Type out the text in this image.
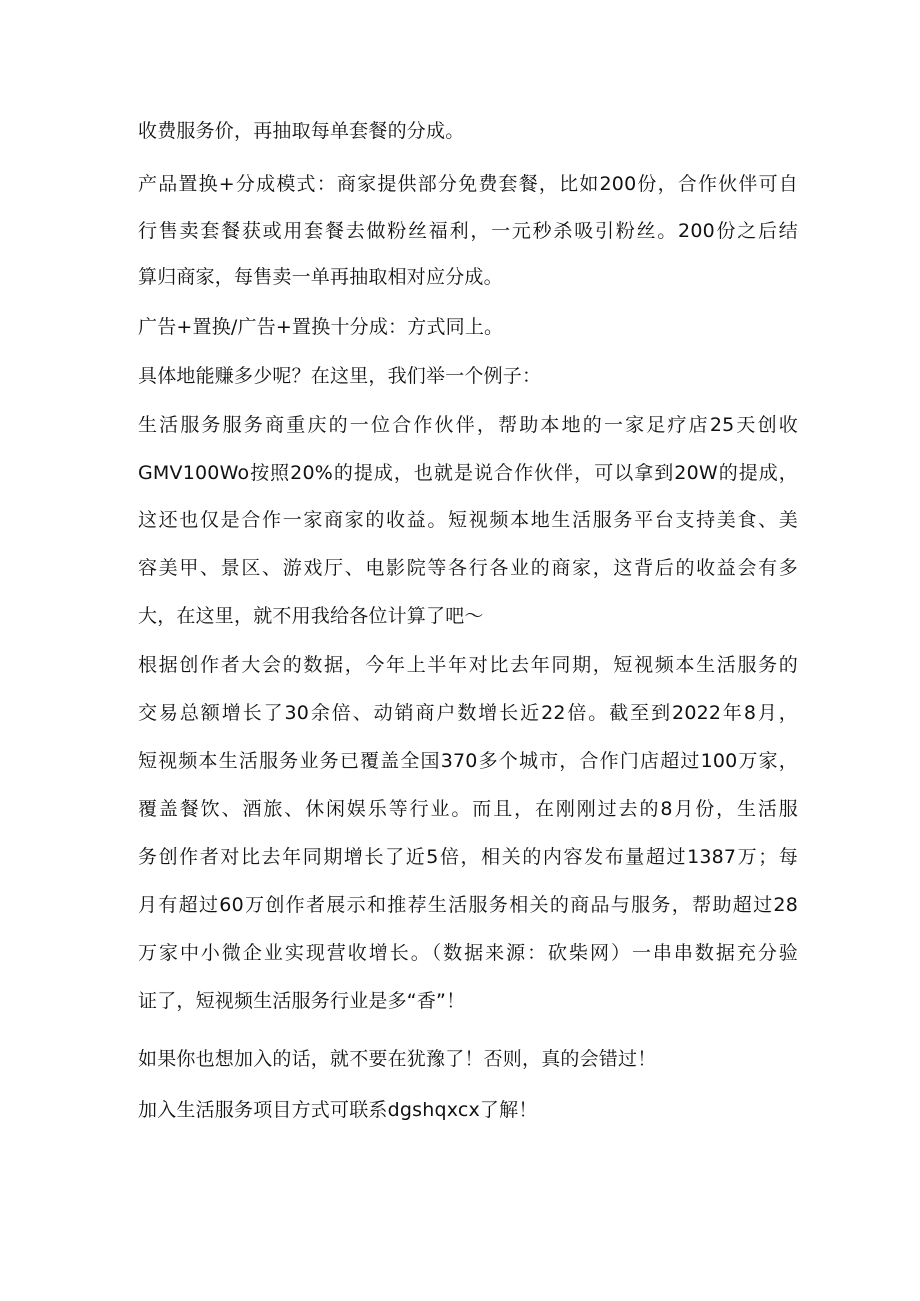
收费服务价，再抽取每单套餐的分成。
产品置换+分成模式：商家提供部分免费套餐，比如200份，合作伙伴可自
行售卖套餐获或用套餐去做粉丝福利，一元秒杀吸引粉丝。200份之后结
算归商家，每售卖一单再抽取相对应分成。
广告+置换/广告+置换十分成：方式同上。
具体地能赚多少呢？在这里，我们举一个例子：
生活服务服务商重庆的一位合作伙伴，帮助本地的一家足疗店25天创收
GMV100Wo按照20%的提成，也就是说合作伙伴，可以拿到20W的提成，
这还也仅是合作一家商家的收益。短视频本地生活服务平台支持美食、美
容美甲、景区、游戏厅、电影院等各行各业的商家，这背后的收益会有多
大，在这里，就不用我给各位计算了吧～
根据创作者大会的数据，今年上半年对比去年同期，短视频本生活服务的
交易总额增长了30余倍、动销商户数增长近22倍。截至到2022年8月，
短视频本生活服务业务已覆盖全国370多个城市，合作门店超过100万家，
覆盖餐饮、酒旅、休闲娱乐等行业。而且，在刚刚过去的8月份，生活服
务创作者对比去年同期增长了近5倍，相关的内容发布量超过1387万；每
月有超过60万创作者展示和推荐生活服务相关的商品与服务，帮助超过28
万家中小微企业实现营收增长。（数据来源：砍柴网）一串串数据充分验
证了，短视频生活服务行业是多“香”！
如果你也想加入的话，就不要在犹豫了！否则，真的会错过！
加入生活服务项目方式可联系dgshqxcx了解！
